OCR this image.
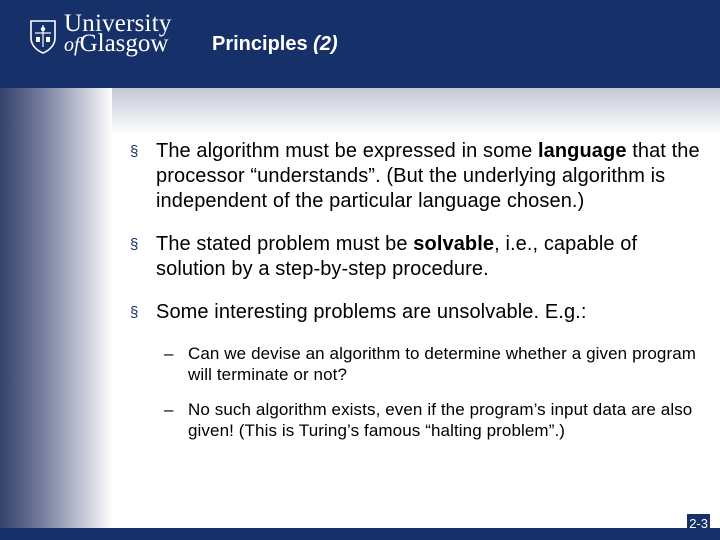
University
ofGlasgow Principles (2)
§ The algorithm must be expressed in some language that the processor “understands”. (But the underlying algorithm is independent of the particular language chosen.)
§ The stated problem must be solvable, i.e., capable of solution by a step-by-step procedure.
§ Some interesting problems are unsolvable. E.g.:
– Can we devise an algorithm to determine whether a given program will terminate or not?
– No such algorithm exists, even if the program’s input data are also given! (This is Turing’s famous “halting problem”.)
2-3
